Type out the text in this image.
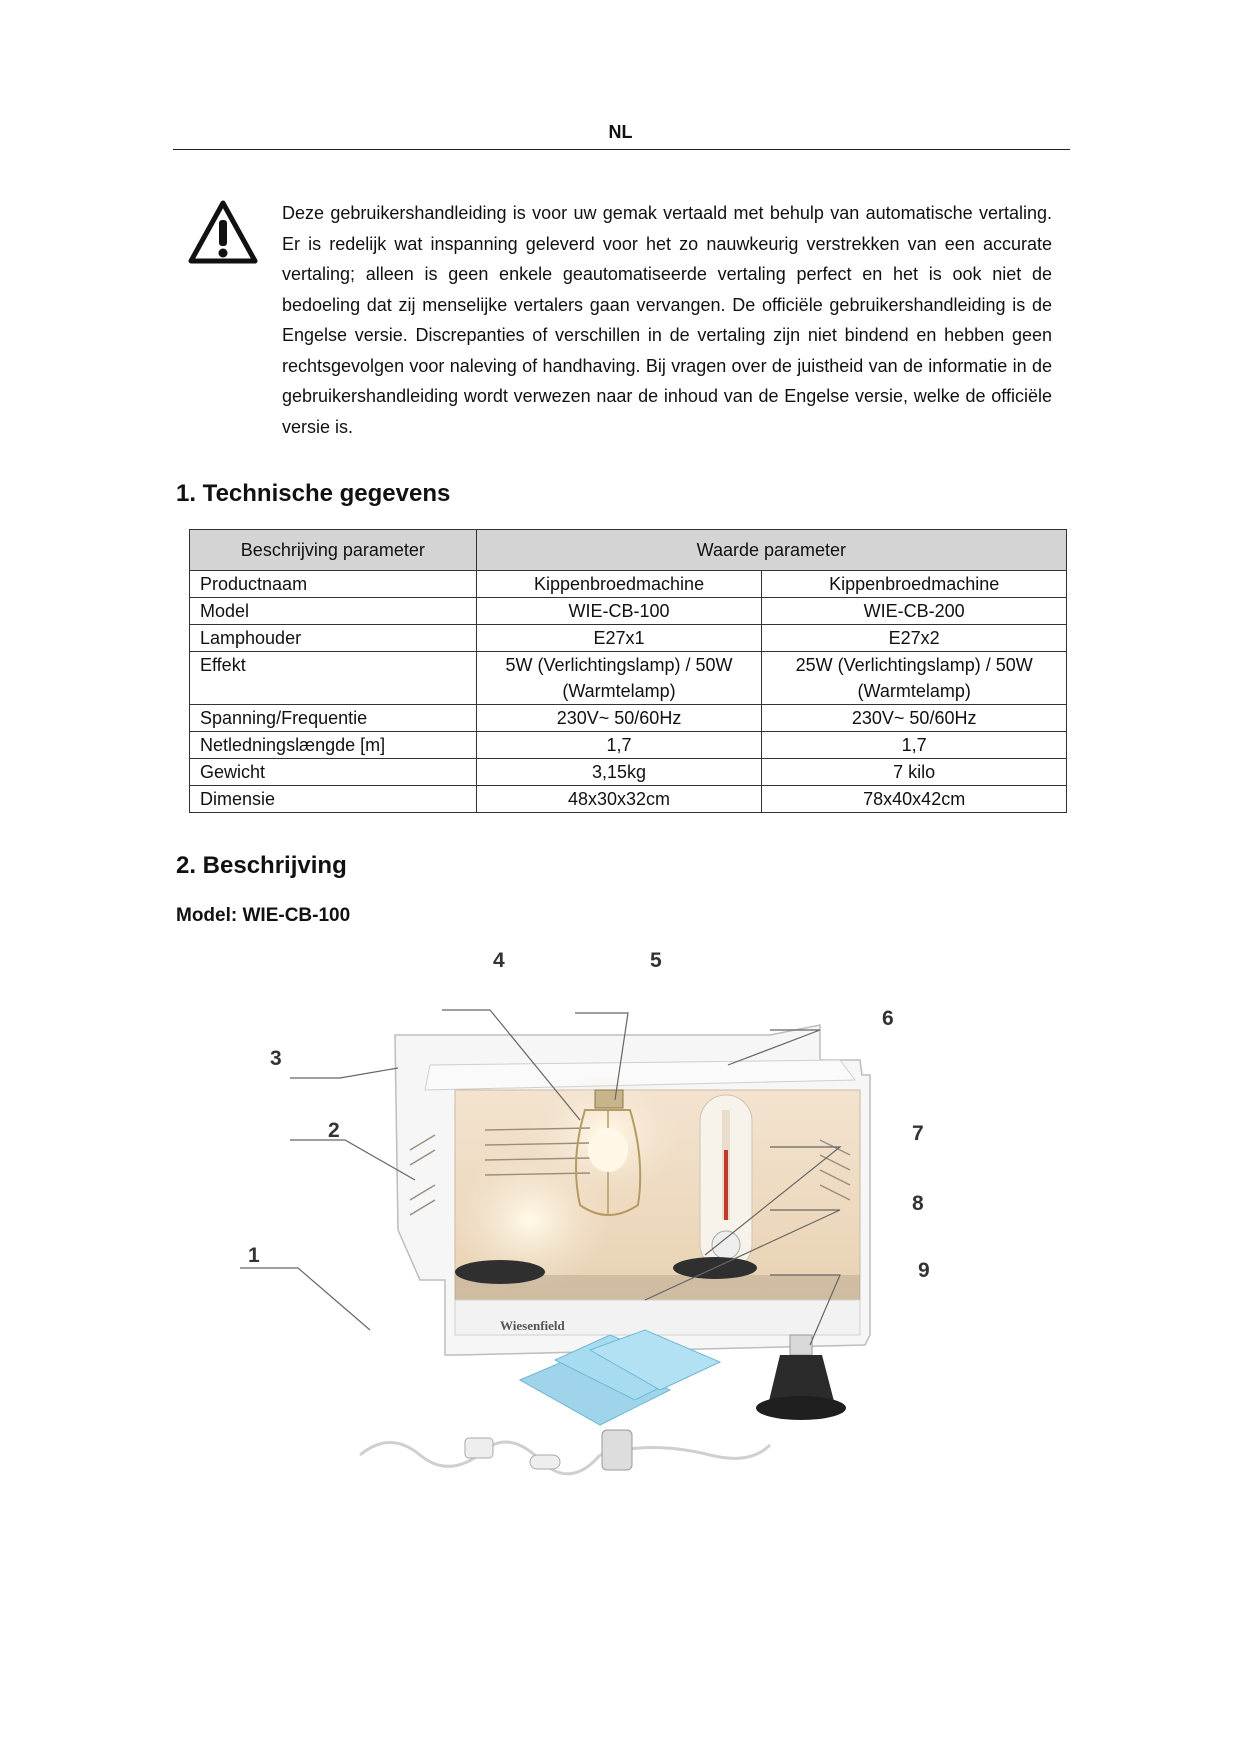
NL

Deze gebruikershandleiding is voor uw gemak vertaald met behulp van automatische vertaling. Er is redelijk wat inspanning geleverd voor het zo nauwkeurig verstrekken van een accurate vertaling; alleen is geen enkele geautomatiseerde vertaling perfect en het is ook niet de bedoeling dat zij menselijke vertalers gaan vervangen. De officiële gebruikershandleiding is de Engelse versie. Discrepanties of verschillen in de vertaling zijn niet bindend en hebben geen rechtsgevolgen voor naleving of handhaving. Bij vragen over de juistheid van de informatie in de gebruikershandleiding wordt verwezen naar de inhoud van de Engelse versie, welke de officiële versie is.

1. Technische gegevens
Beschrijving parameter	Waarde parameter	
Productnaam	Kippenbroedmachine	Kippenbroedmachine
Model	WIE-CB-100	WIE-CB-200
Lamphouder	E27x1	E27x2
Effekt	5W (Verlichtingslamp) / 50W (Warmtelamp)	25W (Verlichtingslamp) / 50W (Warmtelamp)
Spanning/Frequentie	230V~ 50/60Hz	230V~ 50/60Hz
Netledningslængde [m]	1,7	1,7
Gewicht	3,15kg	7 kilo
Dimensie	48x30x32cm	78x40x42cm
2. Beschrijving

Model: WIE-CB-100

Wiesenfield
1
2
3
4	5
6
7
8
9
